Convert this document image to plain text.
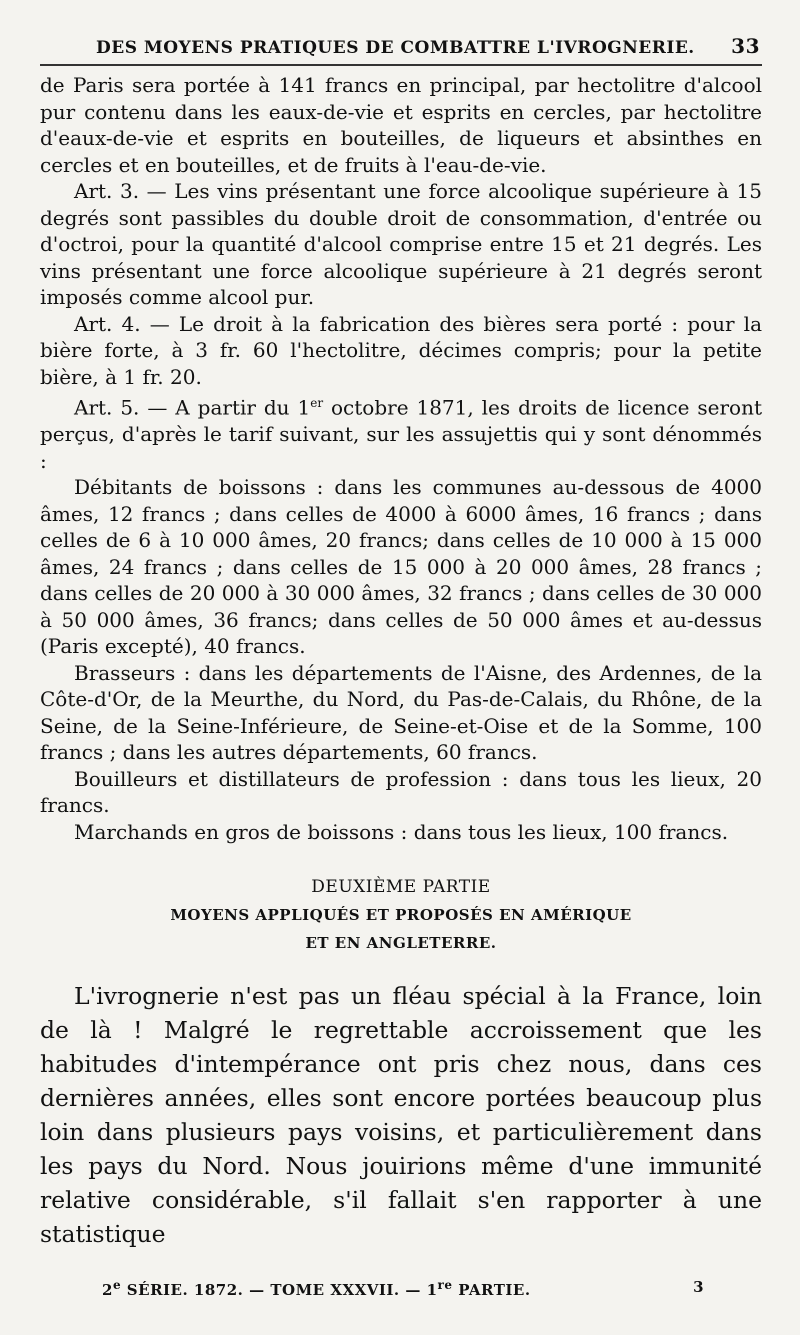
DES MOYENS PRATIQUES DE COMBATTRE L'IVROGNERIE. 33

de Paris sera portée à 141 francs en principal, par hectolitre d'alcool pur contenu dans les eaux-de-vie et esprits en cercles, par hectolitre d'eaux-de-vie et esprits en bouteilles, de liqueurs et absinthes en cercles et en bouteilles, et de fruits à l'eau-de-vie.

Art. 3. — Les vins présentant une force alcoolique supérieure à 15 degrés sont passibles du double droit de consommation, d'entrée ou d'octroi, pour la quantité d'alcool comprise entre 15 et 21 degrés. Les vins présentant une force alcoolique supérieure à 21 degrés seront imposés comme alcool pur.

Art. 4. — Le droit à la fabrication des bières sera porté : pour la bière forte, à 3 fr. 60 l'hectolitre, décimes compris; pour la petite bière, à 1 fr. 20.

Art. 5. — A partir du 1er octobre 1871, les droits de licence seront perçus, d'après le tarif suivant, sur les assujettis qui y sont dénommés :

Débitants de boissons : dans les communes au-dessous de 4000 âmes, 12 francs ; dans celles de 4000 à 6000 âmes, 16 francs ; dans celles de 6 à 10 000 âmes, 20 francs; dans celles de 10 000 à 15 000 âmes, 24 francs ; dans celles de 15 000 à 20 000 âmes, 28 francs ; dans celles de 20 000 à 30 000 âmes, 32 francs ; dans celles de 30 000 à 50 000 âmes, 36 francs; dans celles de 50 000 âmes et au-dessus (Paris excepté), 40 francs.

Brasseurs : dans les départements de l'Aisne, des Ardennes, de la Côte-d'Or, de la Meurthe, du Nord, du Pas-de-Calais, du Rhône, de la Seine, de la Seine-Inférieure, de Seine-et-Oise et de la Somme, 100 francs ; dans les autres départements, 60 francs.

Bouilleurs et distillateurs de profession : dans tous les lieux, 20 francs.

Marchands en gros de boissons : dans tous les lieux, 100 francs.

DEUXIÈME PARTIE
MOYENS APPLIQUÉS ET PROPOSÉS EN AMÉRIQUE
ET EN ANGLETERRE.

L'ivrognerie n'est pas un fléau spécial à la France, loin de là ! Malgré le regrettable accroissement que les habitudes d'intempérance ont pris chez nous, dans ces dernières années, elles sont encore portées beaucoup plus loin dans plusieurs pays voisins, et particulièrement dans les pays du Nord. Nous jouirions même d'une immunité relative considérable, s'il fallait s'en rapporter à une statistique

2e SÉRIE. 1872. — TOME XXXVII. — 1re PARTIE.	3
